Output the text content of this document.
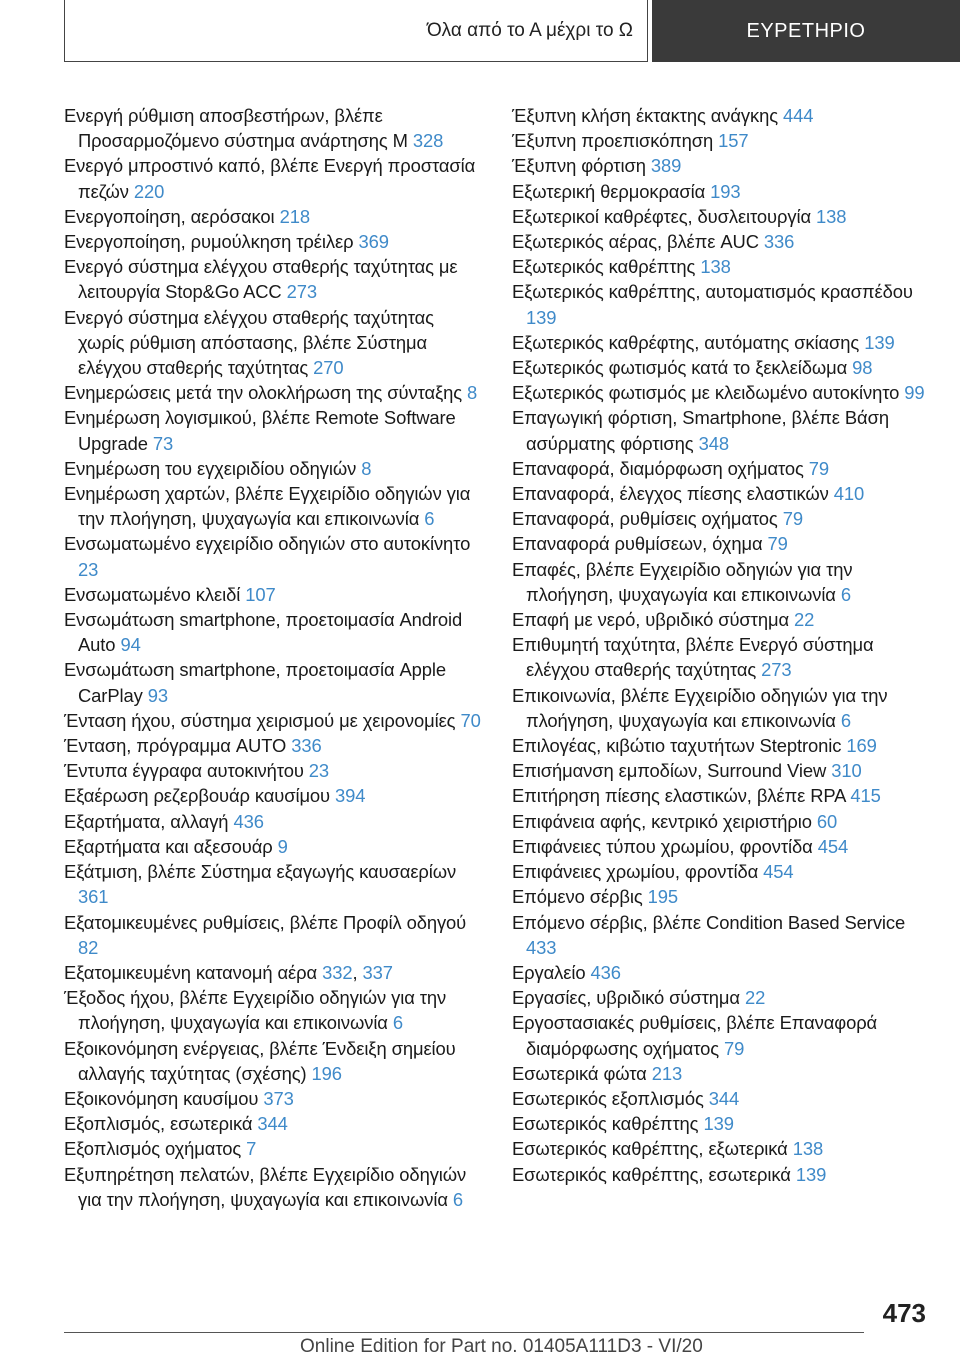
Όλα από το Α μέχρι το Ω	ΕΥΡΕΤΗΡΙΟ
Ενεργή ρύθμιση αποσβεστήρων, βλέπε Προσαρμοζόμενο σύστημα ανάρτησης M 328
Ενεργό μπροστινό καπό, βλέπε Ενεργή προστασία πεζών 220
Ενεργοποίηση, αερόσακοι 218
Ενεργοποίηση, ρυμούλκηση τρέιλερ 369
Ενεργό σύστημα ελέγχου σταθερής ταχύτητας με λειτουργία Stop&Go ACC 273
Ενεργό σύστημα ελέγχου σταθερής ταχύτητας χωρίς ρύθμιση απόστασης, βλέπε Σύστημα ελέγχου σταθερής ταχύτητας 270
Ενημερώσεις μετά την ολοκλήρωση της σύνταξης 8
Ενημέρωση λογισμικού, βλέπε Remote Software Upgrade 73
Ενημέρωση του εγχειριδίου οδηγιών 8
Ενημέρωση χαρτών, βλέπε Εγχειρίδιο οδηγιών για την πλοήγηση, ψυχαγωγία και επικοινωνία 6
Ενσωματωμένο εγχειρίδιο οδηγιών στο αυτοκίνητο 23
Ενσωματωμένο κλειδί 107
Ενσωμάτωση smartphone, προετοιμασία Android Auto 94
Ενσωμάτωση smartphone, προετοιμασία Apple CarPlay 93
Ένταση ήχου, σύστημα χειρισμού με χειρονομίες 70
Ένταση, πρόγραμμα AUTO 336
Έντυπα έγγραφα αυτοκινήτου 23
Εξαέρωση ρεζερβουάρ καυσίμου 394
Εξαρτήματα, αλλαγή 436
Εξαρτήματα και αξεσουάρ 9
Εξάτμιση, βλέπε Σύστημα εξαγωγής καυσαερίων 361
Εξατομικευμένες ρυθμίσεις, βλέπε Προφίλ οδηγού 82
Εξατομικευμένη κατανομή αέρα 332, 337
Έξοδος ήχου, βλέπε Εγχειρίδιο οδηγιών για την πλοήγηση, ψυχαγωγία και επικοινωνία 6
Εξοικονόμηση ενέργειας, βλέπε Ένδειξη σημείου αλλαγής ταχύτητας (σχέσης) 196
Εξοικονόμηση καυσίμου 373
Εξοπλισμός, εσωτερικά 344
Εξοπλισμός οχήματος 7
Εξυπηρέτηση πελατών, βλέπε Εγχειρίδιο οδηγιών για την πλοήγηση, ψυχαγωγία και επικοινωνία 6
Έξυπνη κλήση έκτακτης ανάγκης 444
Έξυπνη προεπισκόπηση 157
Έξυπνη φόρτιση 389
Εξωτερική θερμοκρασία 193
Εξωτερικοί καθρέφτες, δυσλειτουργία 138
Εξωτερικός αέρας, βλέπε AUC 336
Εξωτερικός καθρέπτης 138
Εξωτερικός καθρέπτης, αυτοματισμός κρασπέδου 139
Εξωτερικός καθρέφτης, αυτόματης σκίασης 139
Εξωτερικός φωτισμός κατά το ξεκλείδωμα 98
Εξωτερικός φωτισμός με κλειδωμένο αυτοκίνητο 99
Επαγωγική φόρτιση, Smartphone, βλέπε Βάση ασύρματης φόρτισης 348
Επαναφορά, διαμόρφωση οχήματος 79
Επαναφορά, έλεγχος πίεσης ελαστικών 410
Επαναφορά, ρυθμίσεις οχήματος 79
Επαναφορά ρυθμίσεων, όχημα 79
Επαφές, βλέπε Εγχειρίδιο οδηγιών για την πλοήγηση, ψυχαγωγία και επικοινωνία 6
Επαφή με νερό, υβριδικό σύστημα 22
Επιθυμητή ταχύτητα, βλέπε Ενεργό σύστημα ελέγχου σταθερής ταχύτητας 273
Επικοινωνία, βλέπε Εγχειρίδιο οδηγιών για την πλοήγηση, ψυχαγωγία και επικοινωνία 6
Επιλογέας, κιβώτιο ταχυτήτων Steptronic 169
Επισήμανση εμποδίων, Surround View 310
Επιτήρηση πίεσης ελαστικών, βλέπε RPA 415
Επιφάνεια αφής, κεντρικό χειριστήριο 60
Επιφάνειες τύπου χρωμίου, φροντίδα 454
Επιφάνειες χρωμίου, φροντίδα 454
Επόμενο σέρβις 195
Επόμενο σέρβις, βλέπε Condition Based Service 433
Εργαλείο 436
Εργασίες, υβριδικό σύστημα 22
Εργοστασιακές ρυθμίσεις, βλέπε Επαναφορά διαμόρφωσης οχήματος 79
Εσωτερικά φώτα 213
Εσωτερικός εξοπλισμός 344
Εσωτερικός καθρέπτης 139
Εσωτερικός καθρέπτης, εξωτερικά 138
Εσωτερικός καθρέπτης, εσωτερικά 139
473
Online Edition for Part no. 01405A111D3 - VI/20
